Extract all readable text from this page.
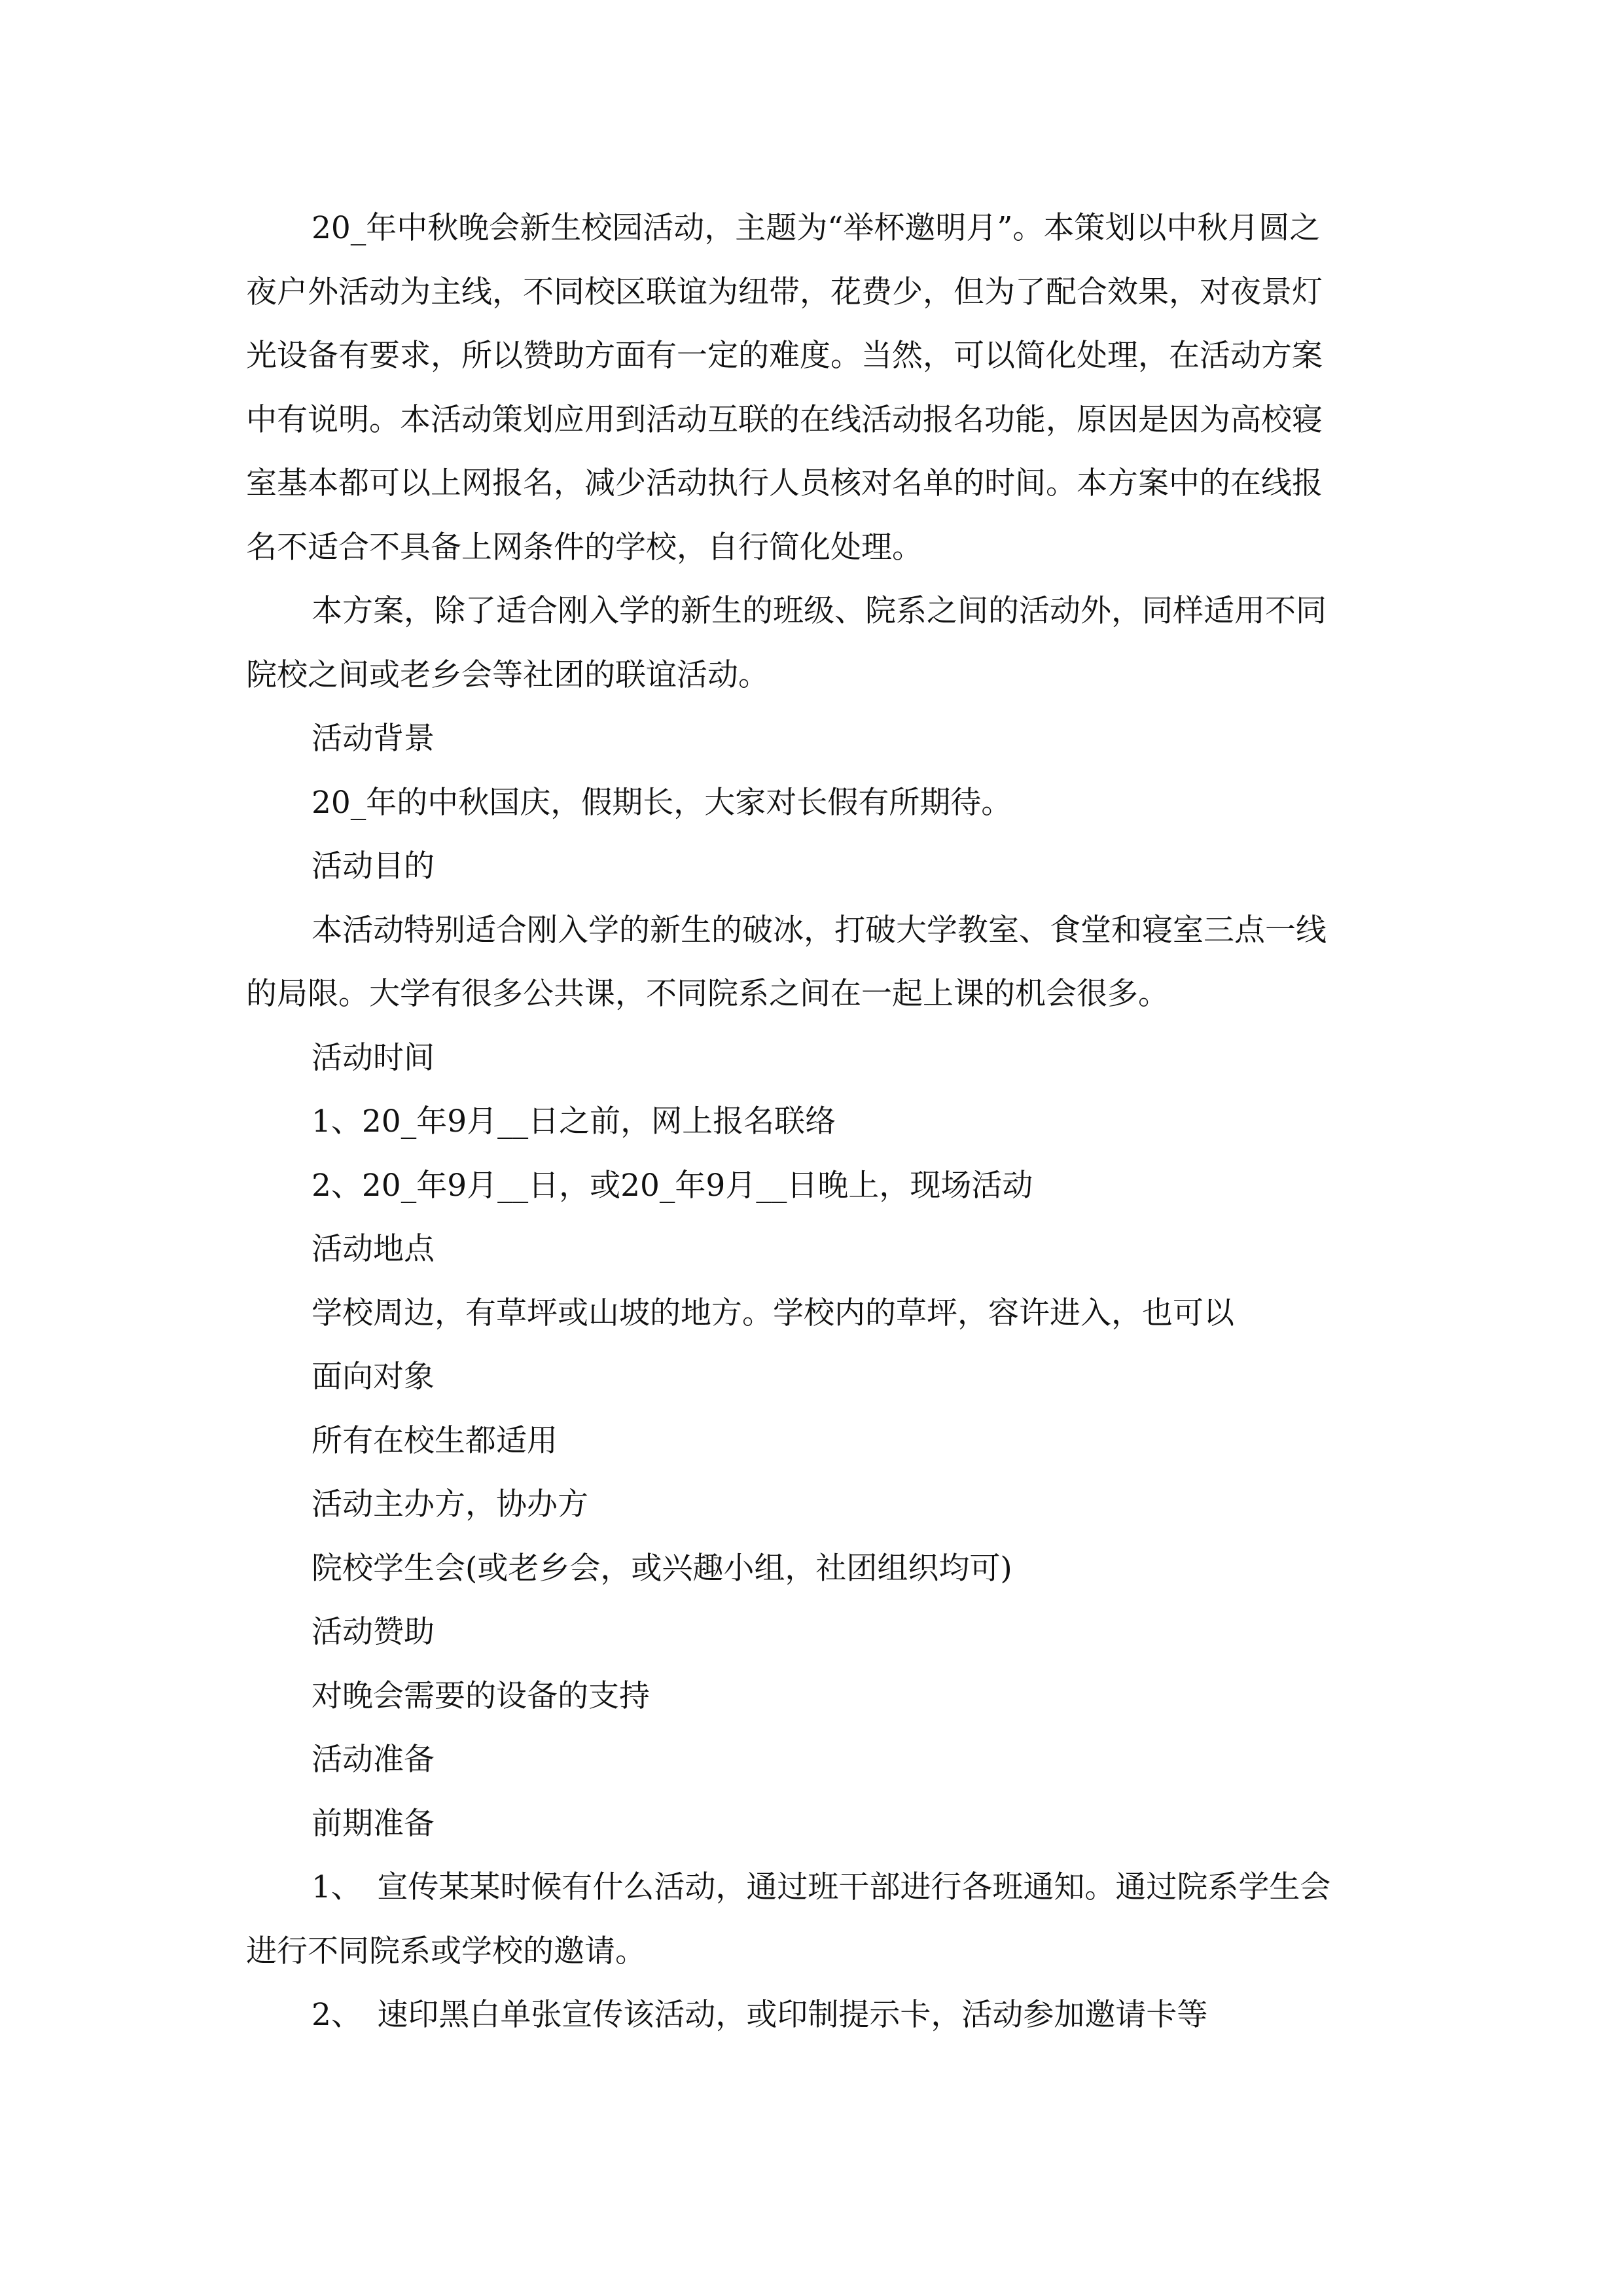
20_年中秋晚会新生校园活动，主题为“举杯邀明月”。本策划以中秋月圆之

夜户外活动为主线，不同校区联谊为纽带，花费少，但为了配合效果，对夜景灯

光设备有要求，所以赞助方面有一定的难度。当然，可以简化处理，在活动方案

中有说明。本活动策划应用到活动互联的在线活动报名功能，原因是因为高校寝

室基本都可以上网报名，减少活动执行人员核对名单的时间。本方案中的在线报

名不适合不具备上网条件的学校，自行简化处理。

本方案，除了适合刚入学的新生的班级、院系之间的活动外，同样适用不同

院校之间或老乡会等社团的联谊活动。

活动背景

20_年的中秋国庆，假期长，大家对长假有所期待。

活动目的

本活动特别适合刚入学的新生的破冰，打破大学教室、食堂和寝室三点一线

的局限。大学有很多公共课，不同院系之间在一起上课的机会很多。

活动时间

1、20_年9月__日之前，网上报名联络

2、20_年9月__日，或20_年9月__日晚上，现场活动

活动地点

学校周边，有草坪或山坡的地方。学校内的草坪，容许进入，也可以

面向对象

所有在校生都适用

活动主办方，协办方

院校学生会(或老乡会，或兴趣小组，社团组织均可)

活动赞助

对晚会需要的设备的支持

活动准备

前期准备

1、　宣传某某时候有什么活动，通过班干部进行各班通知。通过院系学生会

进行不同院系或学校的邀请。

2、　速印黑白单张宣传该活动，或印制提示卡，活动参加邀请卡等
